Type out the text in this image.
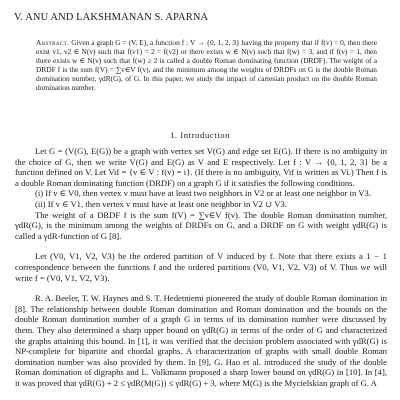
V. ANU AND LAKSHMANAN S. APARNA
Abstract. Given a graph G = (V, E), a function f : V → {0, 1, 2, 3} having the property that if f(v) = 0, then there exist v1, v2 ∈ N(v) such that f(v1) = 2 = f(v2) or there exists w ∈ N(v) such that f(w) = 3, and if f(v) = 1, then there exists w ∈ N(v) such that f(w) ≥ 2 is called a double Roman dominating function (DRDF). The weight of a DRDF f is the sum f(V) = ∑v∈V f(v), and the minimum among the weights of DRDFs on G is the double Roman domination number, γdR(G), of G. In this paper, we study the impact of cartesian product on the double Roman domination number.
1. Introduction

Let G = (V(G), E(G)) be a graph with vertex set V(G) and edge set E(G). If there is no ambiguity in the choice of G, then we write V(G) and E(G) as V and E respectively. Let f : V → {0, 1, 2, 3} be a function defined on V. Let Vif = {v ∈ V : f(v) = i}. (If there is no ambiguity, Vif is written as Vi.) Then f is a double Roman dominating function (DRDF) on a graph G if it satisfies the following conditions.

(i) If v ∈ V0, then vertex v must have at least two neighbors in V2 or at least one neighbor in V3.

(ii) If v ∈ V1, then vertex v must have at least one neighbor in V2 ∪ V3.

The weight of a DRDF f is the sum f(V) = ∑v∈V f(v). The double Roman domination number, γdR(G), is the minimum among the weights of DRDFs on G, and a DRDF on G with weight γdR(G) is called a γdR-function of G [8].

Let (V0, V1, V2, V3) be the ordered partition of V induced by f. Note that there exists a 1 − 1 correspondence between the functions f and the ordered partitions (V0, V1, V2, V3) of V. Thus we will write f = (V0, V1, V2, V3).

R. A. Beeler, T. W. Haynes and S. T. Hedetniemi pioneered the study of double Roman domination in [8]. The relationship between double Roman domination and Roman domination and the bounds on the double Roman domination number of a graph G in terms of its domination number were discussed by them. They also determined a sharp upper bound on γdR(G) in terms of the order of G and characterized the graphs attaining this bound. In [1], it was verified that the decision problem associated with γdR(G) is NP-complete for bipartite and chordal graphs. A characterization of graphs with small double Roman domination number was also provided by them. In [9], G. Hao et al. introduced the study of the double Roman domination of digraphs and L. Volkmann proposed a sharp lower bound on γdR(G) in [10]. In [4], it was proved that γdR(G) + 2 ≤ γdR(M(G)) ≤ γdR(G) + 3, where M(G) is the Mycielskian graph of G. A
